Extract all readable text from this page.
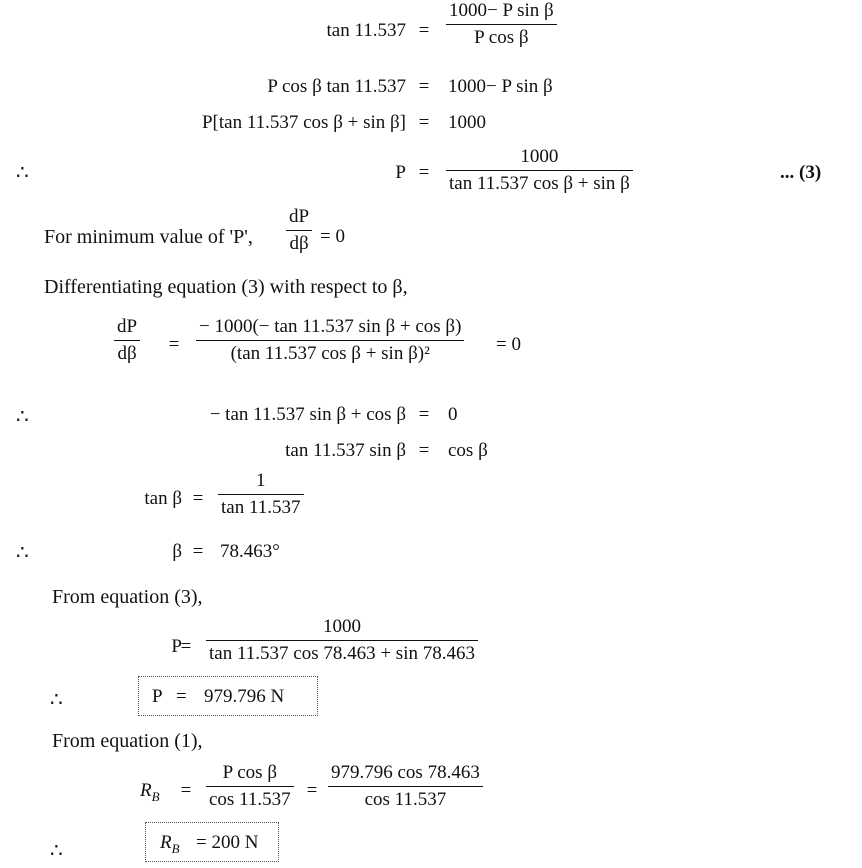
tan 11.537 =
1000− P sin β
P cos β
P cos β tan 11.537 = 1000− P sin β
P[tan 11.537 cos β + sin β] = 1000
∴	P =
1000
tan 11.537 cos β + sin β
... (3)
For minimum value of 'P',
dP
dβ = 0
Differentiating equation (3) with respect to β,
dP
dβ	=
− 1000(− tan 11.537 sin β + cos β)
(tan 11.537 cos β + sin β)²	= 0
∴	− tan 11.537 sin β + cos β = 0
tan 11.537 sin β = cos β
tan β =
1
tan 11.537
∴	β = 78.463°
From equation (3),
P
=
1000
tan 11.537 cos 78.463 + sin 78.463
∴	P = 979.796 N
From equation (1),
$R_B$	=
P cos β
cos 11.537 =
979.796 cos 78.463
cos 11.537
∴	$R_B = 200$ N
